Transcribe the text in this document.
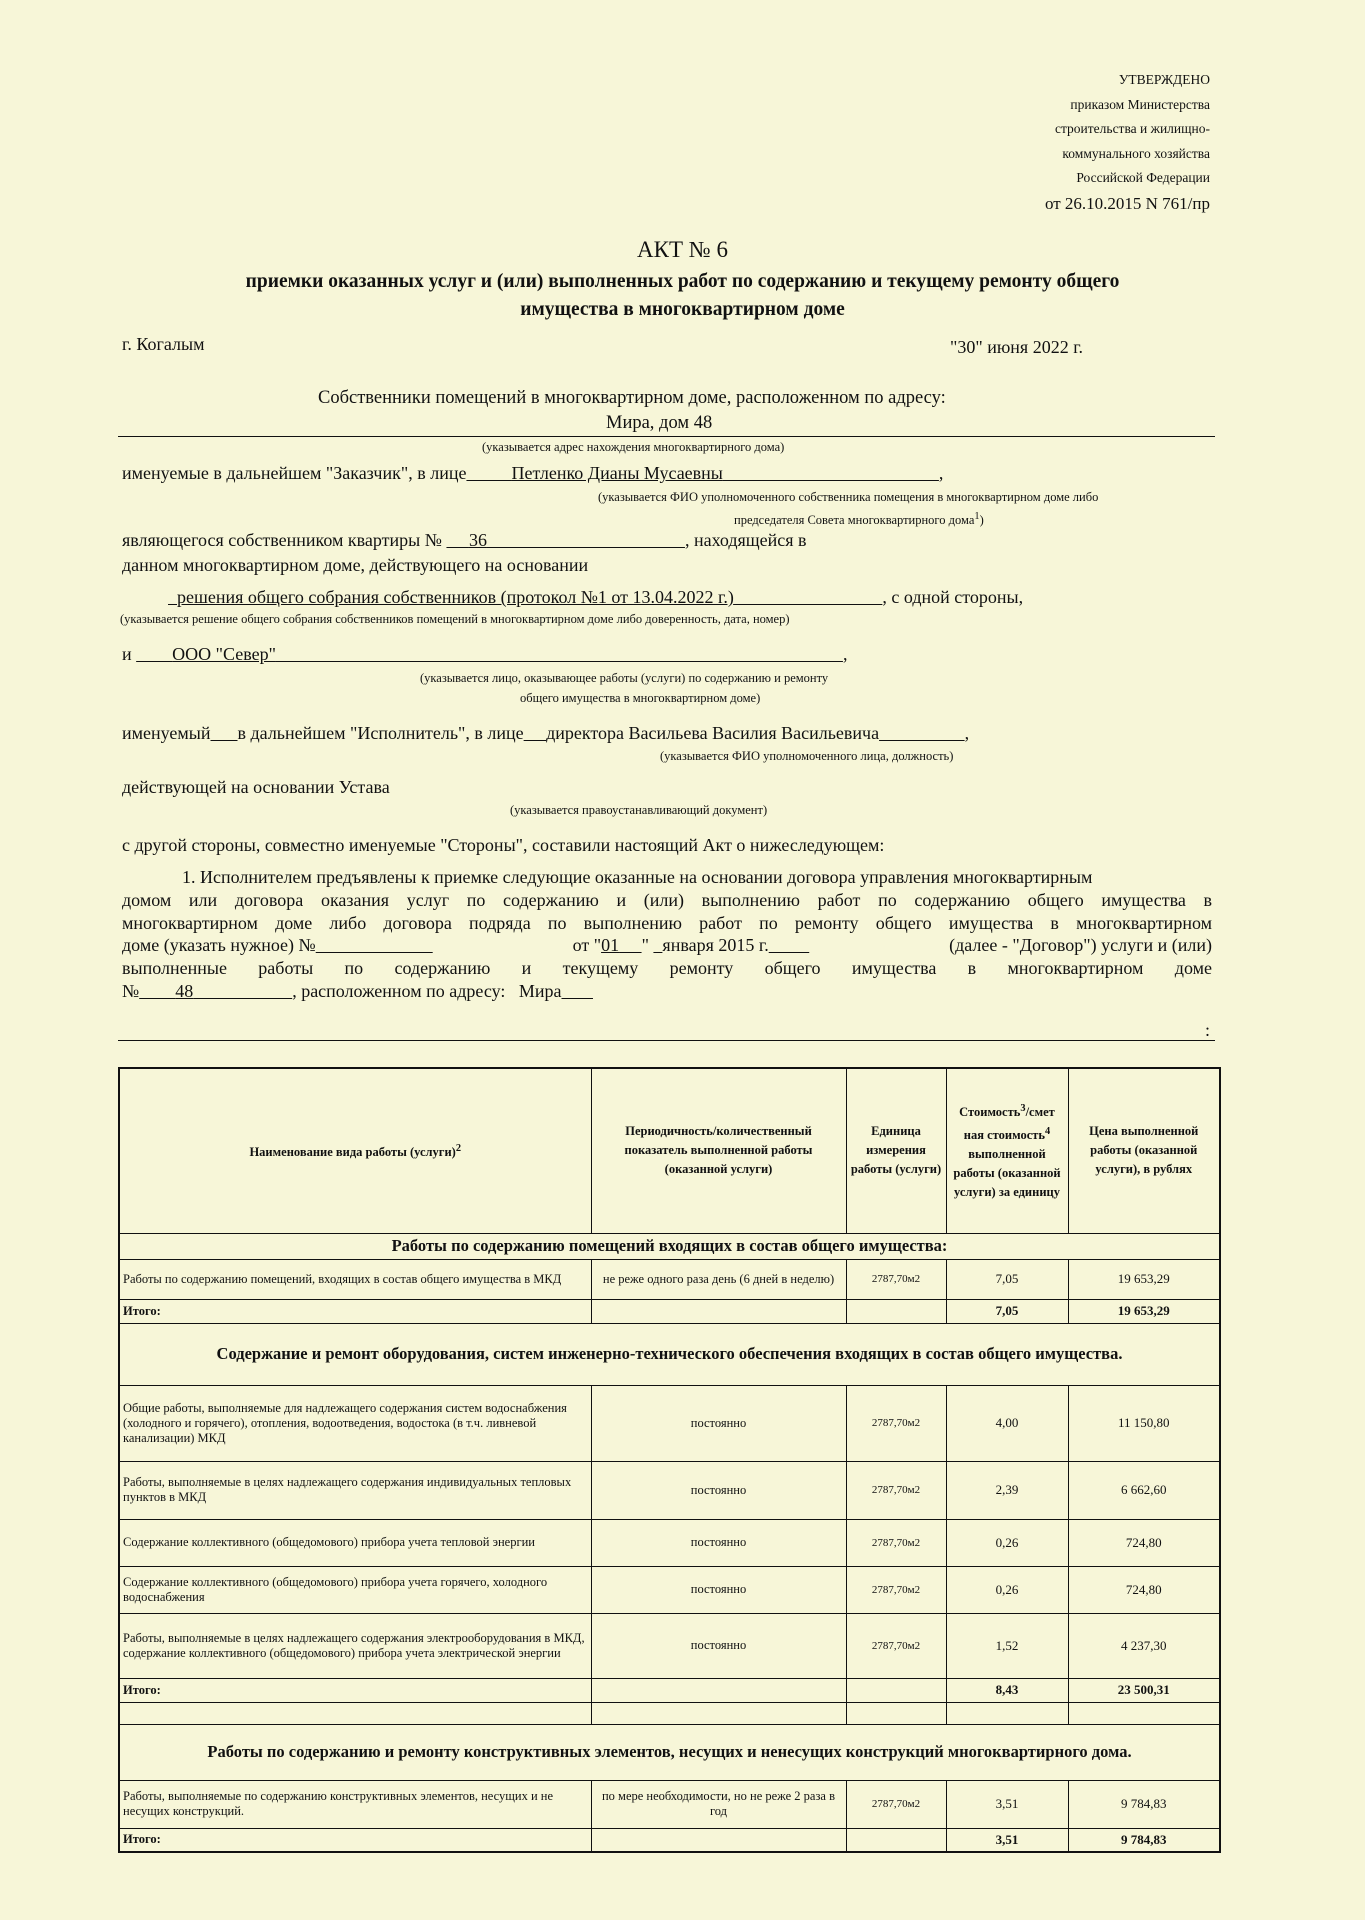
УТВЕРЖДЕНО
приказом Министерства
строительства и жилищно-
коммунального хозяйства
Российской Федерации
от 26.10.2015 N 761/пр
АКТ № 6
приемки оказанных услуг и (или) выполненных работ по содержанию и текущему ремонту общего
имущества в многоквартирном доме
г. Когалым	"30" июня 2022 г.
Собственники помещений в многоквартирном доме, расположенном по адресу:
Мира, дом 48
(указывается адрес нахождения многоквартирного дома)
именуемые в дальнейшем "Заказчик", в лице	Петленко Дианы Мусаевны	,
(указывается ФИО уполномоченного собственника помещения в многоквартирном доме либо
председателя Совета многоквартирного дома$^1$)
являющегося собственником квартиры № 36	, находящейся в
данном многоквартирном доме, действующего на основании
решения общего собрания собственников (протокол №1 от 13.04.2022 г.)	, с одной стороны,
(указывается решение общего собрания собственников помещений в многоквартирном доме либо доверенность, дата, номер)
и ООО "Север"	,
(указывается лицо, оказывающее работы (услуги) по содержанию и ремонту
общего имущества в многоквартирном доме)
именуемый в дальнейшем "Исполнитель", в лице директора Васильева Василия Васильевича	,
(указывается ФИО уполномоченного лица, должность)
действующей на основании Устава
(указывается правоустанавливающий документ)
с другой стороны, совместно именуемые "Стороны", составили настоящий Акт о нижеследующем:
1. Исполнителем предъявлены к приемке следующие оказанные на основании договора управления многоквартирным
домом или договора оказания услуг по содержанию и (или) выполнению работ по содержанию общего имущества в
многоквартирном доме либо договора подряда по выполнению работ по ремонту общего имущества в многоквартирном
доме (указать нужное) №	от "01 " января 2015 г.	(далее - "Договор") услуги и (или)
выполненные работы по содержанию и текущему ремонту общего имущества в многоквартирном доме
№ 48	, расположенном по адресу: Мира
:
Наименование вида работы (услуги)$^2$	Периодичность/количественный показатель выполненной работы (оказанной услуги)	Единица измерения работы (услуги)	Стоимость$^3$/смет ная стоимость$^4$ выполненной работы (оказанной услуги) за единицу	Цена выполненной работы (оказанной услуги), в рублях
Работы по содержанию помещений входящих в состав общего имущества:				
Работы по содержанию помещений, входящих в состав общего имущества в МКД	не реже одного раза день (6 дней в неделю)	2787,70м2	7,05	19 653,29
Итого:			7,05	19 653,29
Содержание и ремонт оборудования, систем инженерно-технического обеспечения входящих в состав общего имущества.				
Общие работы, выполняемые для надлежащего содержания систем водоснабжения (холодного и горячего), отопления, водоотведения, водостока (в т.ч. ливневой канализации) МКД	постоянно	2787,70м2	4,00	11 150,80
Работы, выполняемые в целях надлежащего содержания индивидуальных тепловых пунктов в МКД	постоянно	2787,70м2	2,39	6 662,60
Содержание коллективного (общедомового) прибора учета тепловой энергии	постоянно	2787,70м2	0,26	724,80
Содержание коллективного (общедомового) прибора учета горячего, холодного водоснабжения	постоянно	2787,70м2	0,26	724,80
Работы, выполняемые в целях надлежащего содержания электрооборудования в МКД, содержание коллективного (общедомового) прибора учета электрической энергии	постоянно	2787,70м2	1,52	4 237,30
Итого:			8,43	23 500,31

Работы по содержанию и ремонту конструктивных элементов, несущих и ненесущих конструкций многоквартирного дома.				
Работы, выполняемые по содержанию конструктивных элементов, несущих и не несущих конструкций.	по мере необходимости, но не реже 2 раза в год	2787,70м2	3,51	9 784,83
Итого:			3,51	9 784,83
